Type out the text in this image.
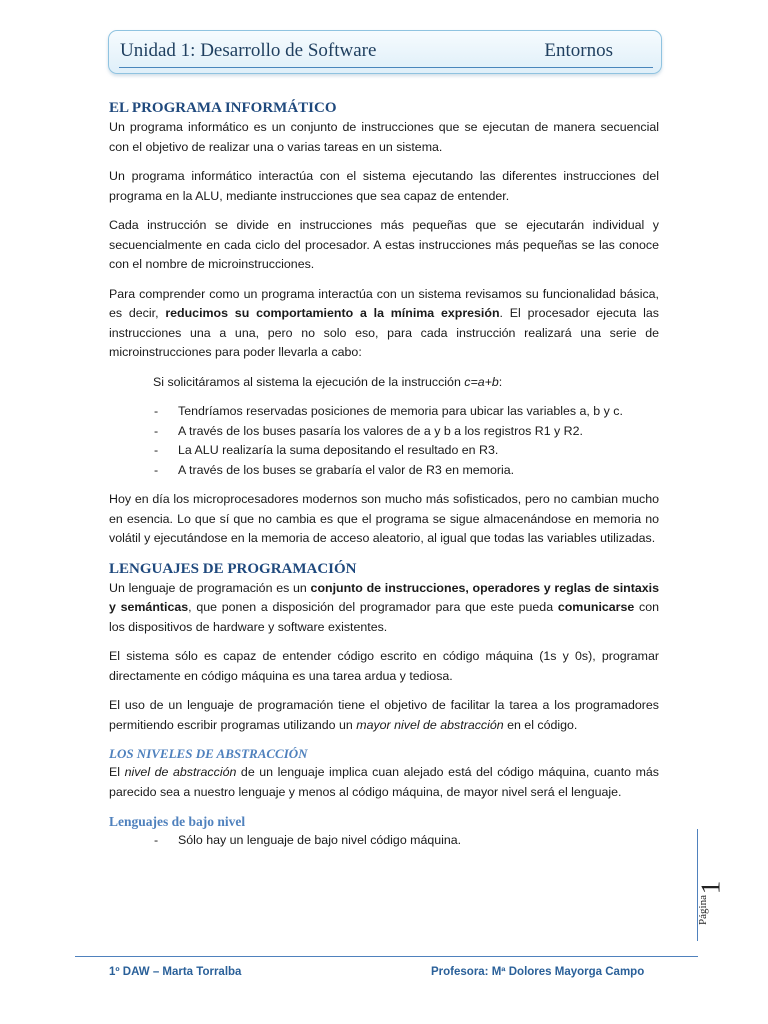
Unidad 1: Desarrollo de Software	Entornos
EL PROGRAMA INFORMÁTICO

Un programa informático es un conjunto de instrucciones que se ejecutan de manera secuencial con el objetivo de realizar una o varias tareas en un sistema.

Un programa informático interactúa con el sistema ejecutando las diferentes instrucciones del programa en la ALU, mediante instrucciones que sea capaz de entender.

Cada instrucción se divide en instrucciones más pequeñas que se ejecutarán individual y secuencialmente en cada ciclo del procesador. A estas instrucciones más pequeñas se las conoce con el nombre de microinstrucciones.

Para comprender como un programa interactúa con un sistema revisamos su funcionalidad básica, es decir, reducimos su comportamiento a la mínima expresión. El procesador ejecuta las instrucciones una a una, pero no solo eso, para cada instrucción realizará una serie de microinstrucciones para poder llevarla a cabo:

Si solicitáramos al sistema la ejecución de la instrucción c=a+b:

- Tendríamos reservadas posiciones de memoria para ubicar las variables a, b y c.
- A través de los buses pasaría los valores de a y b a los registros R1 y R2.
- La ALU realizaría la suma depositando el resultado en R3.
- A través de los buses se grabaría el valor de R3 en memoria.

Hoy en día los microprocesadores modernos son mucho más sofisticados, pero no cambian mucho en esencia. Lo que sí que no cambia es que el programa se sigue almacenándose en memoria no volátil y ejecutándose en la memoria de acceso aleatorio, al igual que todas las variables utilizadas.

LENGUAJES DE PROGRAMACIÓN

Un lenguaje de programación es un conjunto de instrucciones, operadores y reglas de sintaxis y semánticas, que ponen a disposición del programador para que este pueda comunicarse con los dispositivos de hardware y software existentes.

El sistema sólo es capaz de entender código escrito en código máquina (1s y 0s), programar directamente en código máquina es una tarea ardua y tediosa.

El uso de un lenguaje de programación tiene el objetivo de facilitar la tarea a los programadores permitiendo escribir programas utilizando un mayor nivel de abstracción en el código.

LOS NIVELES DE ABSTRACCIÓN

El nivel de abstracción de un lenguaje implica cuan alejado está del código máquina, cuanto más parecido sea a nuestro lenguaje y menos al código máquina, de mayor nivel será el lenguaje.

Lenguajes de bajo nivel
- Sólo hay un lenguaje de bajo nivel código máquina.
Página
1
1º DAW – Marta Torralba	Profesora: Mª Dolores Mayorga Campo
